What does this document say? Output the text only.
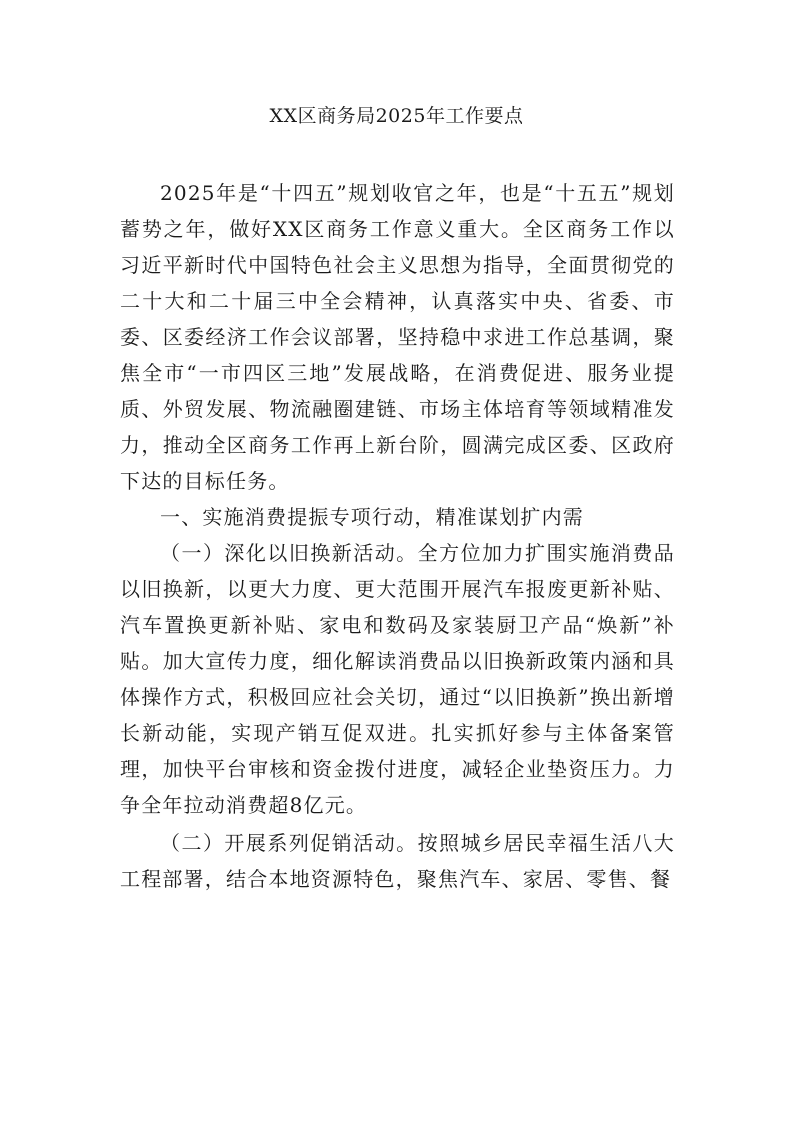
XX区商务局2025年工作要点

2025年是“十四五”规划收官之年，也是“十五五”规划蓄势之年，做好XX区商务工作意义重大。全区商务工作以习近平新时代中国特色社会主义思想为指导，全面贯彻党的二十大和二十届三中全会精神，认真落实中央、省委、市委、区委经济工作会议部署，坚持稳中求进工作总基调，聚焦全市“一市四区三地”发展战略，在消费促进、服务业提质、外贸发展、物流融圈建链、市场主体培育等领域精准发力，推动全区商务工作再上新台阶，圆满完成区委、区政府下达的目标任务。

一、实施消费提振专项行动，精准谋划扩内需

（一）深化以旧换新活动。全方位加力扩围实施消费品以旧换新，以更大力度、更大范围开展汽车报废更新补贴、汽车置换更新补贴、家电和数码及家装厨卫产品“焕新”补贴。加大宣传力度，细化解读消费品以旧换新政策内涵和具体操作方式，积极回应社会关切，通过“以旧换新”换出新增长新动能，实现产销互促双进。扎实抓好参与主体备案管理，加快平台审核和资金拨付进度，减轻企业垫资压力。力争全年拉动消费超8亿元。

（二）开展系列促销活动。按照城乡居民幸福生活八大工程部署，结合本地资源特色，聚焦汽车、家居、零售、餐
